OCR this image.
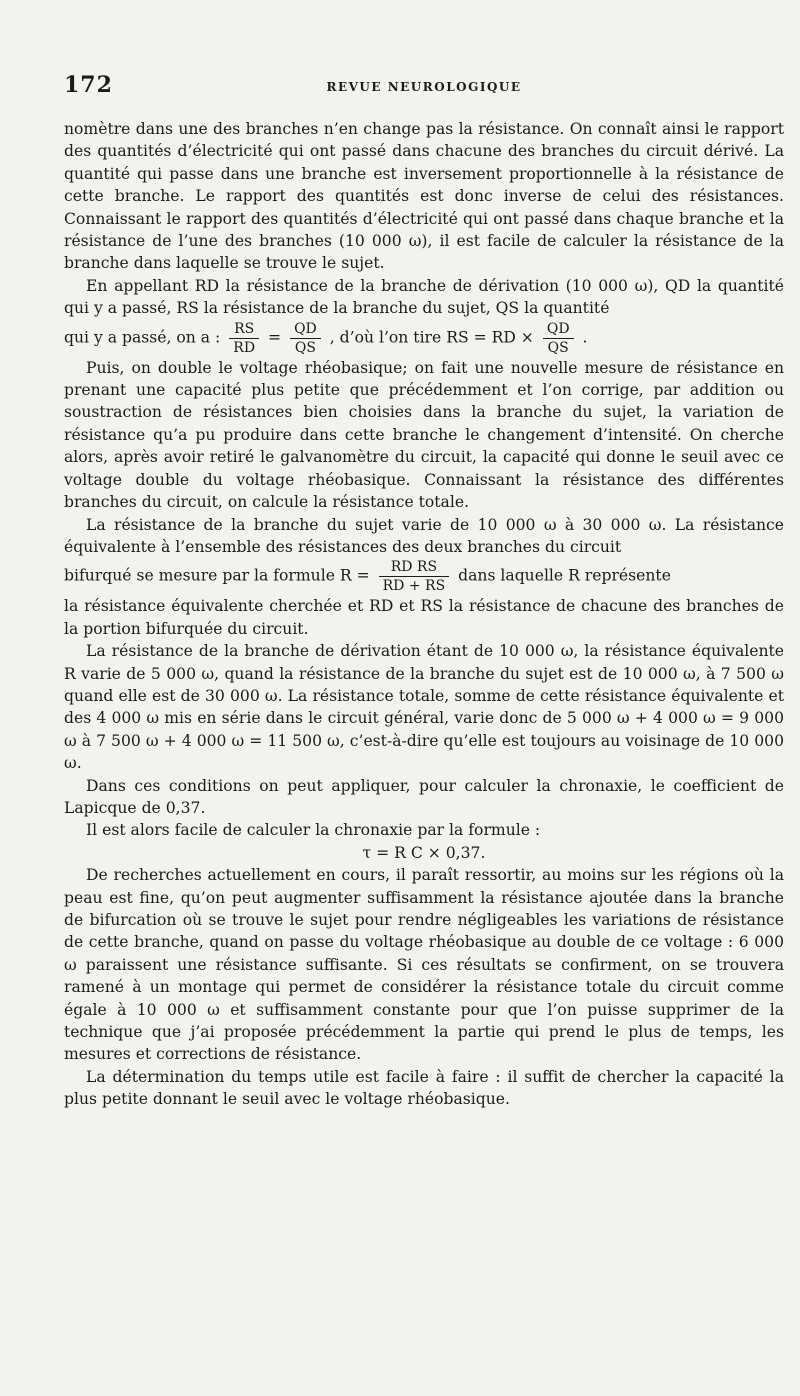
172	REVUE NEUROLOGIQUE

nomètre dans une des branches n’en change pas la résistance. On connaît ainsi le rapport des quantités d’électricité qui ont passé dans chacune des branches du circuit dérivé. La quantité qui passe dans une branche est inversement proportionnelle à la résistance de cette branche. Le rapport des quantités est donc inverse de celui des résistances. Connaissant le rapport des quantités d’électricité qui ont passé dans chaque branche et la résistance de l’une des branches (10 000 ω), il est facile de calculer la résistance de la branche dans laquelle se trouve le sujet.

En appellant RD la résistance de la branche de dérivation (10 000 ω), QD la quantité qui y a passé, RS la résistance de la branche du sujet, QS la quantité

qui y a passé, on a : $\frac{RS}{RD} = \frac{QD}{QS}$ , d’où l’on tire RS = RD × $\frac{QD}{QS}$ .

Puis, on double le voltage rhéobasique; on fait une nouvelle mesure de résistance en prenant une capacité plus petite que précédemment et l’on corrige, par addition ou soustraction de résistances bien choisies dans la branche du sujet, la variation de résistance qu’a pu produire dans cette branche le changement d’intensité. On cherche alors, après avoir retiré le galvanomètre du circuit, la capacité qui donne le seuil avec ce voltage double du voltage rhéobasique. Connaissant la résistance des différentes branches du circuit, on calcule la résistance totale.

La résistance de la branche du sujet varie de 10 000 ω à 30 000 ω. La résistance équivalente à l’ensemble des résistances des deux branches du circuit

bifurqué se mesure par la formule $R = \frac{\text{RD RS}}{RD + RS}$ dans laquelle R représente

la résistance équivalente cherchée et RD et RS la résistance de chacune des branches de la portion bifurquée du circuit.

La résistance de la branche de dérivation étant de 10 000 ω, la résistance équivalente R varie de 5 000 ω, quand la résistance de la branche du sujet est de 10 000 ω, à 7 500 ω quand elle est de 30 000 ω. La résistance totale, somme de cette résistance équivalente et des 4 000 ω mis en série dans le circuit général, varie donc de 5 000 ω + 4 000 ω = 9 000 ω à 7 500 ω + 4 000 ω = 11 500 ω, c’est-à-dire qu’elle est toujours au voisinage de 10 000 ω.

Dans ces conditions on peut appliquer, pour calculer la chronaxie, le coefficient de Lapicque de 0,37.

Il est alors facile de calculer la chronaxie par la formule :

τ = R C × 0,37.

De recherches actuellement en cours, il paraît ressortir, au moins sur les régions où la peau est fine, qu’on peut augmenter suffisamment la résistance ajoutée dans la branche de bifurcation où se trouve le sujet pour rendre négligeables les variations de résistance de cette branche, quand on passe du voltage rhéobasique au double de ce voltage : 6 000 ω paraissent une résistance suffisante. Si ces résultats se confirment, on se trouvera ramené à un montage qui permet de considérer la résistance totale du circuit comme égale à 10 000 ω et suffisamment constante pour que l’on puisse supprimer de la technique que j’ai proposée précédemment la partie qui prend le plus de temps, les mesures et corrections de résistance.

La détermination du temps utile est facile à faire : il suffit de chercher la capacité la plus petite donnant le seuil avec le voltage rhéobasique.
